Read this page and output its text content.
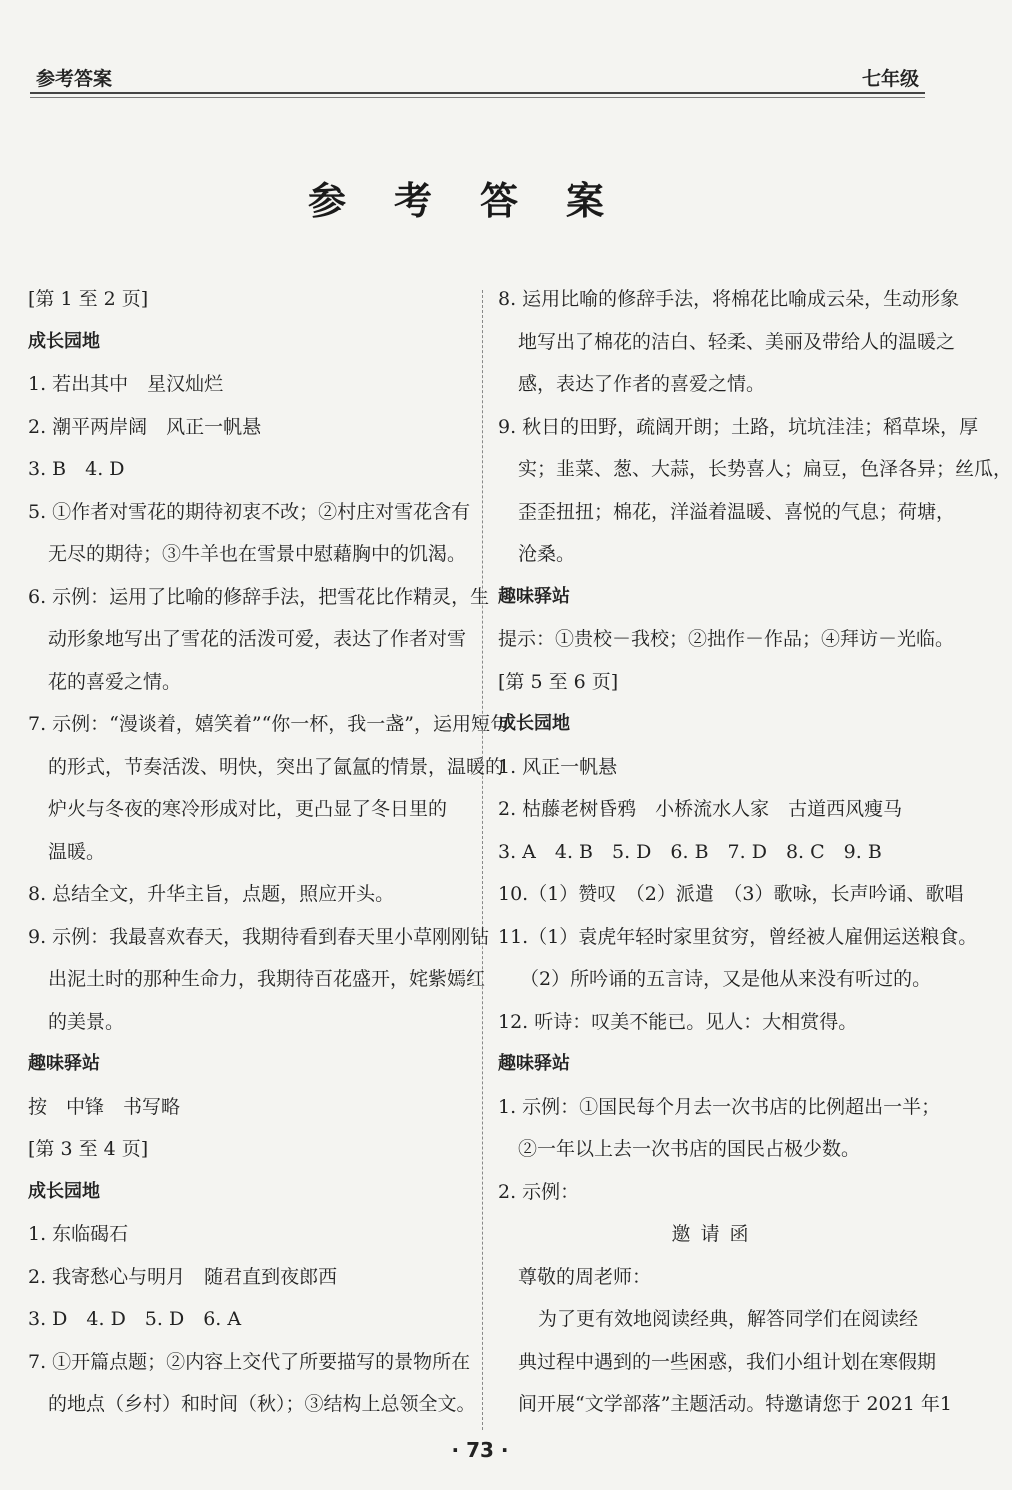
参考答案	七年级
参考答案
[第 1 至 2 页]
成长园地
1. 若出其中　星汉灿烂
2. 潮平两岸阔　风正一帆悬
3. B　4. D
5. ①作者对雪花的期待初衷不改；②村庄对雪花含有
无尽的期待；③牛羊也在雪景中慰藉胸中的饥渴。
6. 示例：运用了比喻的修辞手法，把雪花比作精灵，生
动形象地写出了雪花的活泼可爱，表达了作者对雪
花的喜爱之情。
7. 示例：“漫谈着，嬉笑着”“你一杯，我一盏”，运用短句
的形式，节奏活泼、明快，突出了氤氲的情景，温暖的
炉火与冬夜的寒冷形成对比，更凸显了冬日里的
温暖。
8. 总结全文，升华主旨，点题，照应开头。
9. 示例：我最喜欢春天，我期待看到春天里小草刚刚钻
出泥土时的那种生命力，我期待百花盛开，姹紫嫣红
的美景。
趣味驿站
按　中锋　书写略
[第 3 至 4 页]
成长园地
1. 东临碣石
2. 我寄愁心与明月　随君直到夜郎西
3. D　4. D　5. D　6. A
7. ①开篇点题；②内容上交代了所要描写的景物所在
的地点（乡村）和时间（秋）；③结构上总领全文。
8. 运用比喻的修辞手法，将棉花比喻成云朵，生动形象
地写出了棉花的洁白、轻柔、美丽及带给人的温暖之
感，表达了作者的喜爱之情。
9. 秋日的田野，疏阔开朗；土路，坑坑洼洼；稻草垛，厚
实；韭菜、葱、大蒜，长势喜人；扁豆，色泽各异；丝瓜，
歪歪扭扭；棉花，洋溢着温暖、喜悦的气息；荷塘，
沧桑。
趣味驿站
提示：①贵校－我校；②拙作－作品；④拜访－光临。
[第 5 至 6 页]
成长园地
1. 风正一帆悬
2. 枯藤老树昏鸦　小桥流水人家　古道西风瘦马
3. A　4. B　5. D　6. B　7. D　8. C　9. B
10.（1）赞叹　（2）派遣　（3）歌咏，长声吟诵、歌唱
11.（1）袁虎年轻时家里贫穷，曾经被人雇佣运送粮食。
（2）所吟诵的五言诗，又是他从来没有听过的。
12. 听诗：叹美不能已。见人：大相赏得。
趣味驿站
1. 示例：①国民每个月去一次书店的比例超出一半；
②一年以上去一次书店的国民占极少数。
2. 示例：
邀请函
尊敬的周老师：
为了更有效地阅读经典，解答同学们在阅读经
典过程中遇到的一些困惑，我们小组计划在寒假期
间开展“文学部落”主题活动。特邀请您于 2021 年1
· 73 ·
